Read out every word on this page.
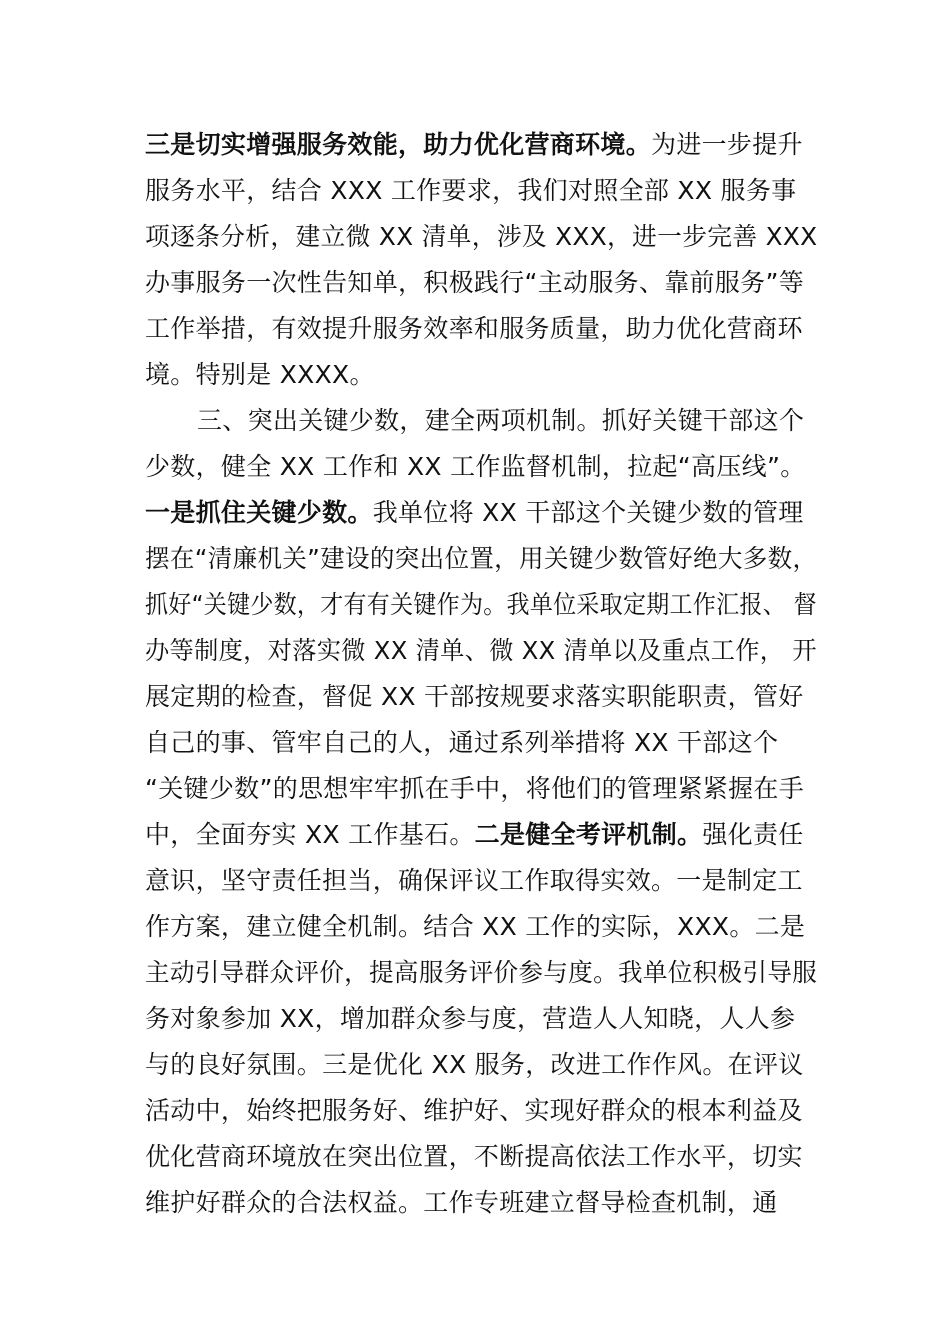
三是切实增强服务效能，助力优化营商环境。为进一步提升
服务水平，结合 XXX 工作要求，我们对照全部 XX 服务事
项逐条分析，建立微 XX 清单，涉及 XXX，进一步完善 XXX
办事服务一次性告知单，积极践行“主动服务、靠前服务”等
工作举措，有效提升服务效率和服务质量，助力优化营商环
境。特别是 XXXX。
三、突出关键少数，建全两项机制。抓好关键干部这个
少数，健全 XX 工作和 XX 工作监督机制，拉起“高压线”。
一是抓住关键少数。我单位将 XX 干部这个关键少数的管理
摆在“清廉机关”建设的突出位置，用关键少数管好绝大多数，
抓好“关键少数，才有有关键作为。我单位采取定期工作汇报、 督
办等制度，对落实微 XX 清单、微 XX 清单以及重点工作， 开
展定期的检查，督促 XX 干部按规要求落实职能职责，管好
自己的事、管牢自己的人，通过系列举措将 XX 干部这个
“关键少数”的思想牢牢抓在手中，将他们的管理紧紧握在手
中，全面夯实 XX 工作基石。二是健全考评机制。强化责任
意识，坚守责任担当，确保评议工作取得实效。一是制定工
作方案，建立健全机制。结合 XX 工作的实际，XXX。二是
主动引导群众评价，提高服务评价参与度。我单位积极引导服
务对象参加 XX，增加群众参与度，营造人人知晓，人人参
与的良好氛围。三是优化 XX 服务，改进工作作风。在评议
活动中，始终把服务好、维护好、实现好群众的根本利益及
优化营商环境放在突出位置，不断提高依法工作水平，切实
维护好群众的合法权益。工作专班建立督导检查机制，通
